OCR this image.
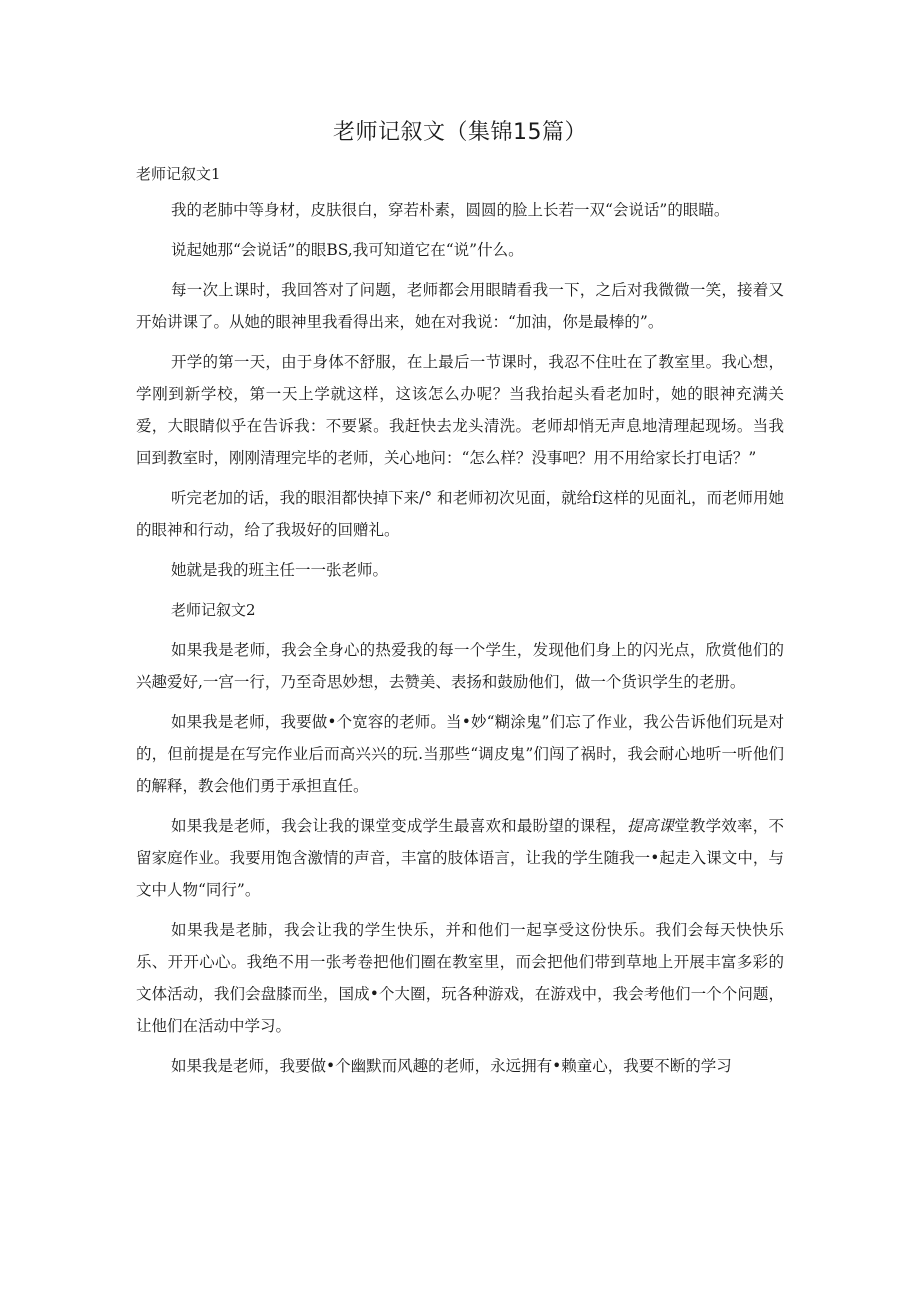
老师记叙文（集锦15篇）
老师记叙文1

我的老肺中等身材，皮肤很白，穿若朴素，圆圆的脸上长若一双“会说话”的眼瞄。

说起她那“会说话”的眼BS,我可知道它在“说”什么。

每一次上课时，我回答对了问题，老师都会用眼睛看我一下，之后对我微微一笑，接着又开始讲课了。从她的眼神里我看得出来，她在对我说：“加油，你是最棒的”。

开学的第一天，由于身体不舒服，在上最后一节课时，我忍不住吐在了教室里。我心想，学刚到新学校，第一天上学就这样，这该怎么办呢？当我抬起头看老加时，她的眼神充满关爱，大眼睛似乎在告诉我：不要紧。我赶快去龙头清洗。老师却悄无声息地清理起现场。当我回到教室时，刚刚清理完毕的老师，关心地问：“怎么样？没事吧？用不用给家长打电话？”

听完老加的话，我的眼泪都快掉下来/° 和老师初次见面，就给f这样的见面礼，而老师用她的眼神和行动，给了我圾好的回赠礼。

她就是我的班主任一一张老师。

老师记叙文2

如果我是老师，我会全身心的热爱我的每一个学生，发现他们身上的闪光点，欣赏他们的兴趣爱好,一宫一行，乃至奇思妙想，去赞美、表扬和鼓励他们，做一个货识学生的老册。

如果我是老师，我要做•个宽容的老师。当•妙“糊涂鬼”们忘了作业，我公告诉他们玩是对的，但前提是在写完作业后而高兴兴的玩.当那些“调皮鬼”们闯了祸时，我会耐心地听一听他们的解释，教会他们勇于承担直任。

如果我是老师，我会让我的课堂变成学生最喜欢和最盼望的课程，提高课堂教学效率，不留家庭作业。我要用饱含激情的声音，丰富的肢体语言，让我的学生随我一•起走入课文中，与文中人物“同行”。

如果我是老肺，我会让我的学生快乐，并和他们一起享受这份快乐。我们会每天快快乐乐、开开心心。我绝不用一张考卷把他们圈在教室里，而会把他们带到草地上开展丰富多彩的文体活动，我们会盘膝而坐，国成•个大圈，玩各种游戏，在游戏中，我会考他们一个个问题，让他们在活动中学习。

如果我是老师，我要做•个幽默而风趣的老师，永远拥有•赖童心，我要不断的学习
